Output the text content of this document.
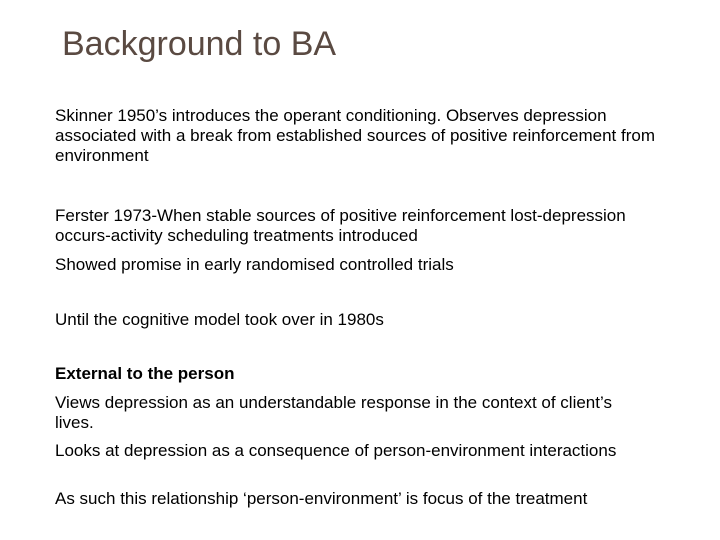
Background to BA

Skinner 1950’s introduces the operant conditioning. Observes depression associated with a break from established sources of positive reinforcement from environment

Ferster 1973-When stable sources of positive reinforcement lost-depression occurs-activity scheduling treatments introduced

Showed promise in early randomised controlled trials

Until the cognitive model took over in 1980s

External to the person

Views depression as an understandable response in the context of client’s lives.

Looks at depression as a consequence of person-environment interactions

As such this relationship ‘person-environment’ is focus of the treatment
